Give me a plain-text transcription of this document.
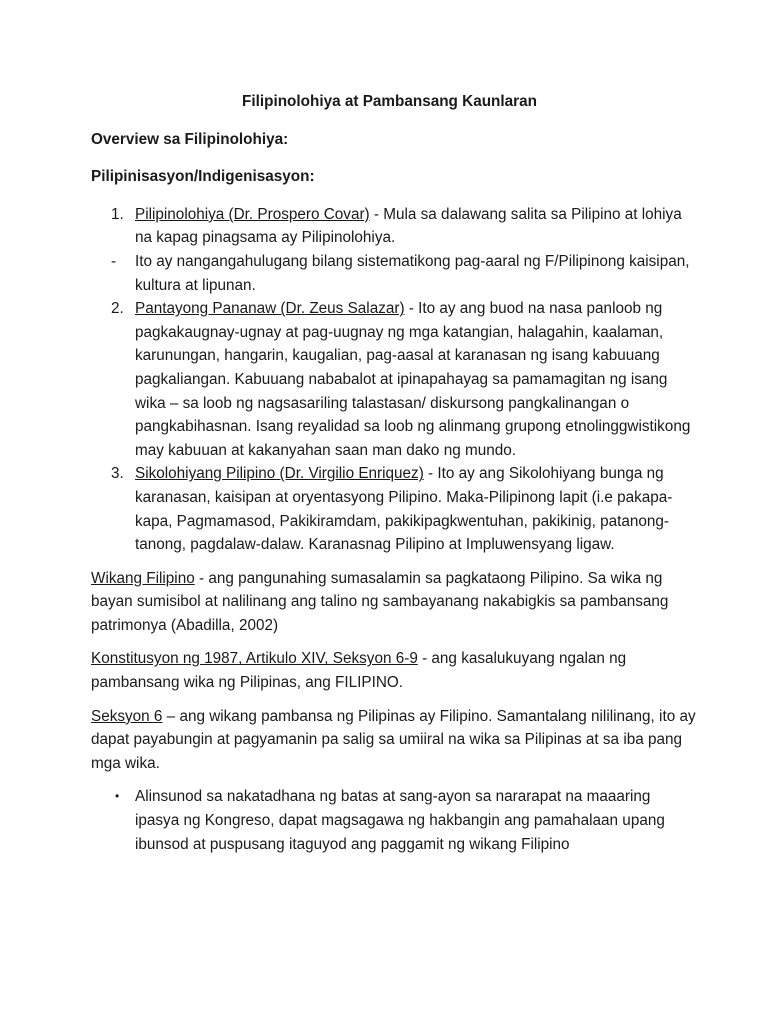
Filipinolohiya at Pambansang Kaunlaran
Overview sa Filipinolohiya:
Pilipinisasyon/Indigenisasyon:
1. Pilipinolohiya (Dr. Prospero Covar) - Mula sa dalawang salita sa Pilipino at lohiya na kapag pinagsama ay Pilipinolohiya.
-	Ito ay nangangahulugang bilang sistematikong pag-aaral ng F/Pilipinong kaisipan, kultura at lipunan.
2. Pantayong Pananaw (Dr. Zeus Salazar) - Ito ay ang buod na nasa panloob ng pagkakaugnay-ugnay at pag-uugnay ng mga katangian, halagahin, kaalaman, karunungan, hangarin, kaugalian, pag-aasal at karanasan ng isang kabuuang pagkaliangan. Kabuuang nababalot at ipinapahayag sa pamamagitan ng isang wika – sa loob ng nagsasariling talastasan/ diskursong pangkalinangan o pangkabihasnan. Isang reyalidad sa loob ng alinmang grupong etnolinggwistikong may kabuuan at kakanyahan saan man dako ng mundo.
3. Sikolohiyang Pilipino (Dr. Virgilio Enriquez) - Ito ay ang Sikolohiyang bunga ng karanasan, kaisipan at oryentasyong Pilipino. Maka-Pilipinong lapit (i.e pakapa-kapa, Pagmamasod, Pakikiramdam, pakikipagkwentuhan, pakikinig, patanong-tanong, pagdalaw-dalaw. Karanasnag Pilipino at Impluwensyang ligaw.

Wikang Filipino - ang pangunahing sumasalamin sa pagkataong Pilipino. Sa wika ng bayan sumisibol at nalilinang ang talino ng sambayanang nakabigkis sa pambansang patrimonya (Abadilla, 2002)

Konstitusyon ng 1987, Artikulo XIV, Seksyon 6-9 - ang kasalukuyang ngalan ng pambansang wika ng Pilipinas, ang FILIPINO.

Seksyon 6 – ang wikang pambansa ng Pilipinas ay Filipino. Samantalang nililinang, ito ay dapat payabungin at pagyamanin pa salig sa umiiral na wika sa Pilipinas at sa iba pang mga wika.

•	Alinsunod sa nakatadhana ng batas at sang-ayon sa nararapat na maaaring ipasya ng Kongreso, dapat magsagawa ng hakbangin ang pamahalaan upang ibunsod at puspusang itaguyod ang paggamit ng wikang Filipino
